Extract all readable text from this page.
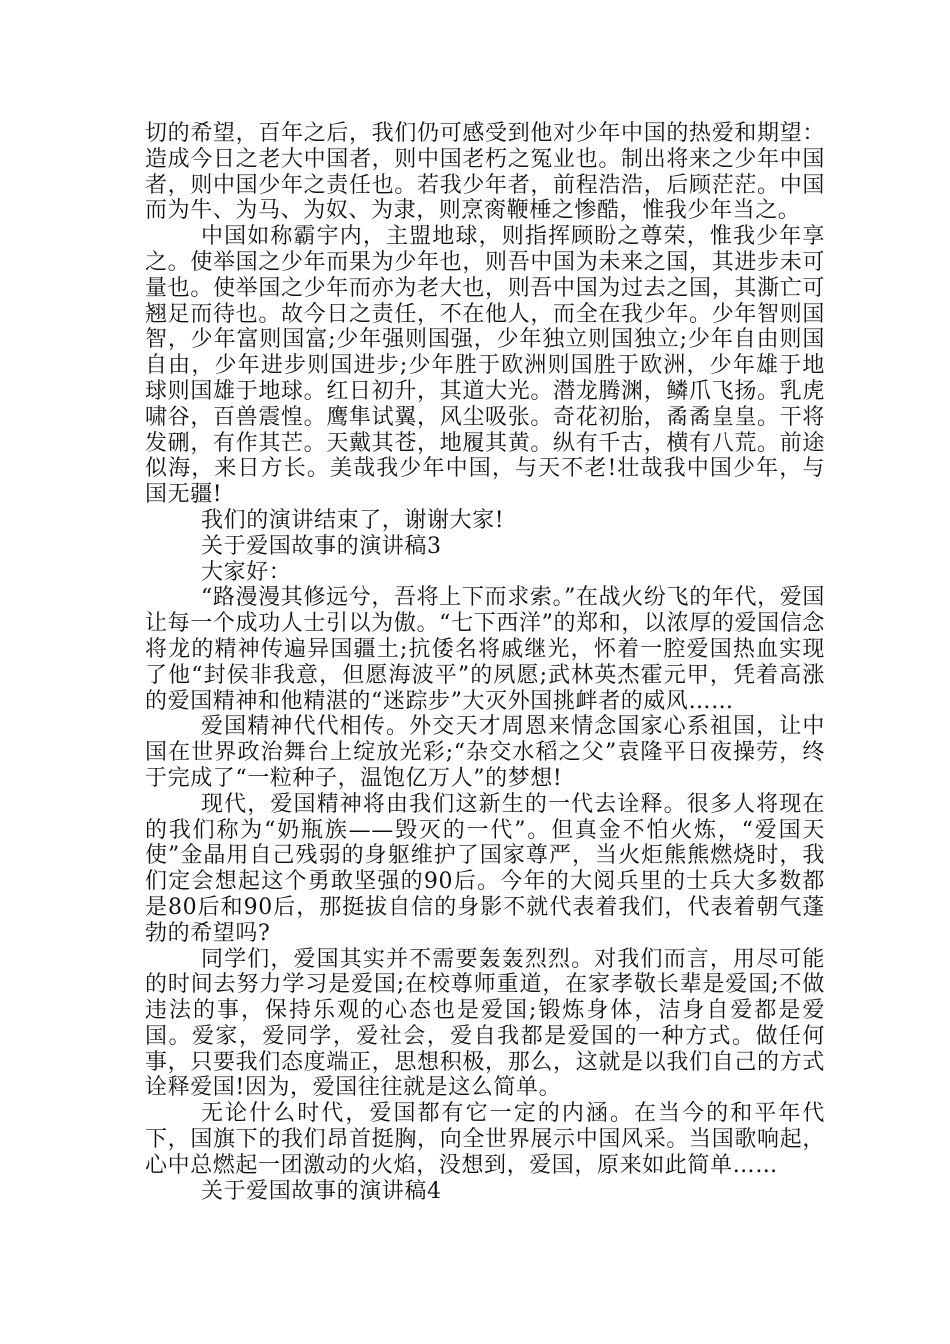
切的希望，百年之后，我们仍可感受到他对少年中国的热爱和期望：造成今日之老大中国者，则中国老朽之冤业也。制出将来之少年中国者，则中国少年之责任也。若我少年者，前程浩浩，后顾茫茫。中国而为牛、为马、为奴、为隶，则烹脔鞭棰之惨酷，惟我少年当之。

中国如称霸宇内，主盟地球，则指挥顾盼之尊荣，惟我少年享之。使举国之少年而果为少年也，则吾中国为未来之国，其进步未可量也。使举国之少年而亦为老大也，则吾中国为过去之国，其澌亡可翘足而待也。故今日之责任，不在他人，而全在我少年。少年智则国智，少年富则国富;少年强则国强，少年独立则国独立;少年自由则国自由，少年进步则国进步;少年胜于欧洲则国胜于欧洲，少年雄于地球则国雄于地球。红日初升，其道大光。潜龙腾渊，鳞爪飞扬。乳虎啸谷，百兽震惶。鹰隼试翼，风尘吸张。奇花初胎，矞矞皇皇。干将发硎，有作其芒。天戴其苍，地履其黄。纵有千古，横有八荒。前途似海，来日方长。美哉我少年中国，与天不老!壮哉我中国少年，与国无疆!

我们的演讲结束了，谢谢大家!

关于爱国故事的演讲稿3

大家好：

“路漫漫其修远兮，吾将上下而求索。”在战火纷飞的年代，爱国让每一个成功人士引以为傲。“七下西洋”的郑和，以浓厚的爱国信念将龙的精神传遍异国疆土;抗倭名将戚继光，怀着一腔爱国热血实现了他“封侯非我意，但愿海波平”的夙愿;武林英杰霍元甲，凭着高涨的爱国精神和他精湛的“迷踪步”大灭外国挑衅者的威风……

爱国精神代代相传。外交天才周恩来情念国家心系祖国，让中国在世界政治舞台上绽放光彩;“杂交水稻之父”袁隆平日夜操劳，终于完成了“一粒种子，温饱亿万人”的梦想!

现代，爱国精神将由我们这新生的一代去诠释。很多人将现在的我们称为“奶瓶族——毁灭的一代”。但真金不怕火炼，“爱国天使”金晶用自己残弱的身躯维护了国家尊严，当火炬熊熊燃烧时，我们定会想起这个勇敢坚强的90后。今年的大阅兵里的士兵大多数都是80后和90后，那挺拔自信的身影不就代表着我们，代表着朝气蓬勃的希望吗?

同学们，爱国其实并不需要轰轰烈烈。对我们而言，用尽可能的时间去努力学习是爱国;在校尊师重道，在家孝敬长辈是爱国;不做违法的事，保持乐观的心态也是爱国;锻炼身体，洁身自爱都是爱国。爱家，爱同学，爱社会，爱自我都是爱国的一种方式。做任何事，只要我们态度端正，思想积极，那么，这就是以我们自己的方式诠释爱国!因为，爱国往往就是这么简单。

无论什么时代，爱国都有它一定的内涵。在当今的和平年代下，国旗下的我们昂首挺胸，向全世界展示中国风采。当国歌响起，心中总燃起一团激动的火焰，没想到，爱国，原来如此简单……

关于爱国故事的演讲稿4
